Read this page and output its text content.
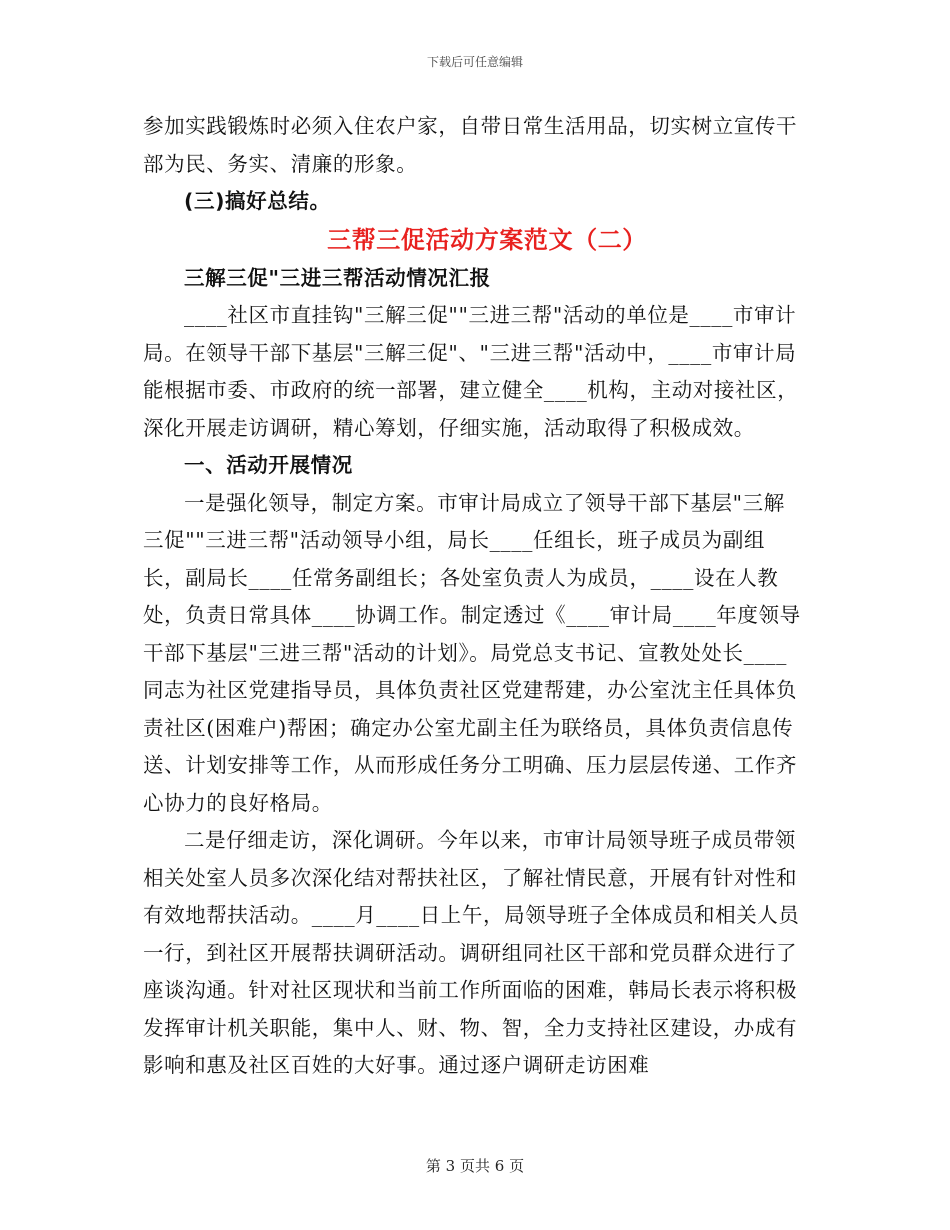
下载后可任意编辑

参加实践锻炼时必须入住农户家，自带日常生活用品，切实树立宣传干部为民、务实、清廉的形象。

(三)搞好总结。

三帮三促活动方案范文（二）

三解三促"三进三帮活动情况汇报

____社区市直挂钩"三解三促""三进三帮"活动的单位是____市审计局。在领导干部下基层"三解三促"、"三进三帮"活动中，____市审计局能根据市委、市政府的统一部署，建立健全____机构，主动对接社区，深化开展走访调研，精心筹划，仔细实施，活动取得了积极成效。

一、活动开展情况

一是强化领导，制定方案。市审计局成立了领导干部下基层"三解三促""三进三帮"活动领导小组，局长____任组长，班子成员为副组长，副局长____任常务副组长；各处室负责人为成员，____设在人教处，负责日常具体____协调工作。制定透过《____审计局____年度领导干部下基层"三进三帮"活动的计划》。局党总支书记、宣教处处长____同志为社区党建指导员，具体负责社区党建帮建，办公室沈主任具体负责社区(困难户)帮困；确定办公室尤副主任为联络员，具体负责信息传送、计划安排等工作，从而形成任务分工明确、压力层层传递、工作齐心协力的良好格局。

二是仔细走访，深化调研。今年以来，市审计局领导班子成员带领相关处室人员多次深化结对帮扶社区，了解社情民意，开展有针对性和有效地帮扶活动。____月____日上午，局领导班子全体成员和相关人员一行，到社区开展帮扶调研活动。调研组同社区干部和党员群众进行了座谈沟通。针对社区现状和当前工作所面临的困难，韩局长表示将积极发挥审计机关职能，集中人、财、物、智，全力支持社区建设，办成有影响和惠及社区百姓的大好事。通过逐户调研走访困难

第 3 页共 6 页
